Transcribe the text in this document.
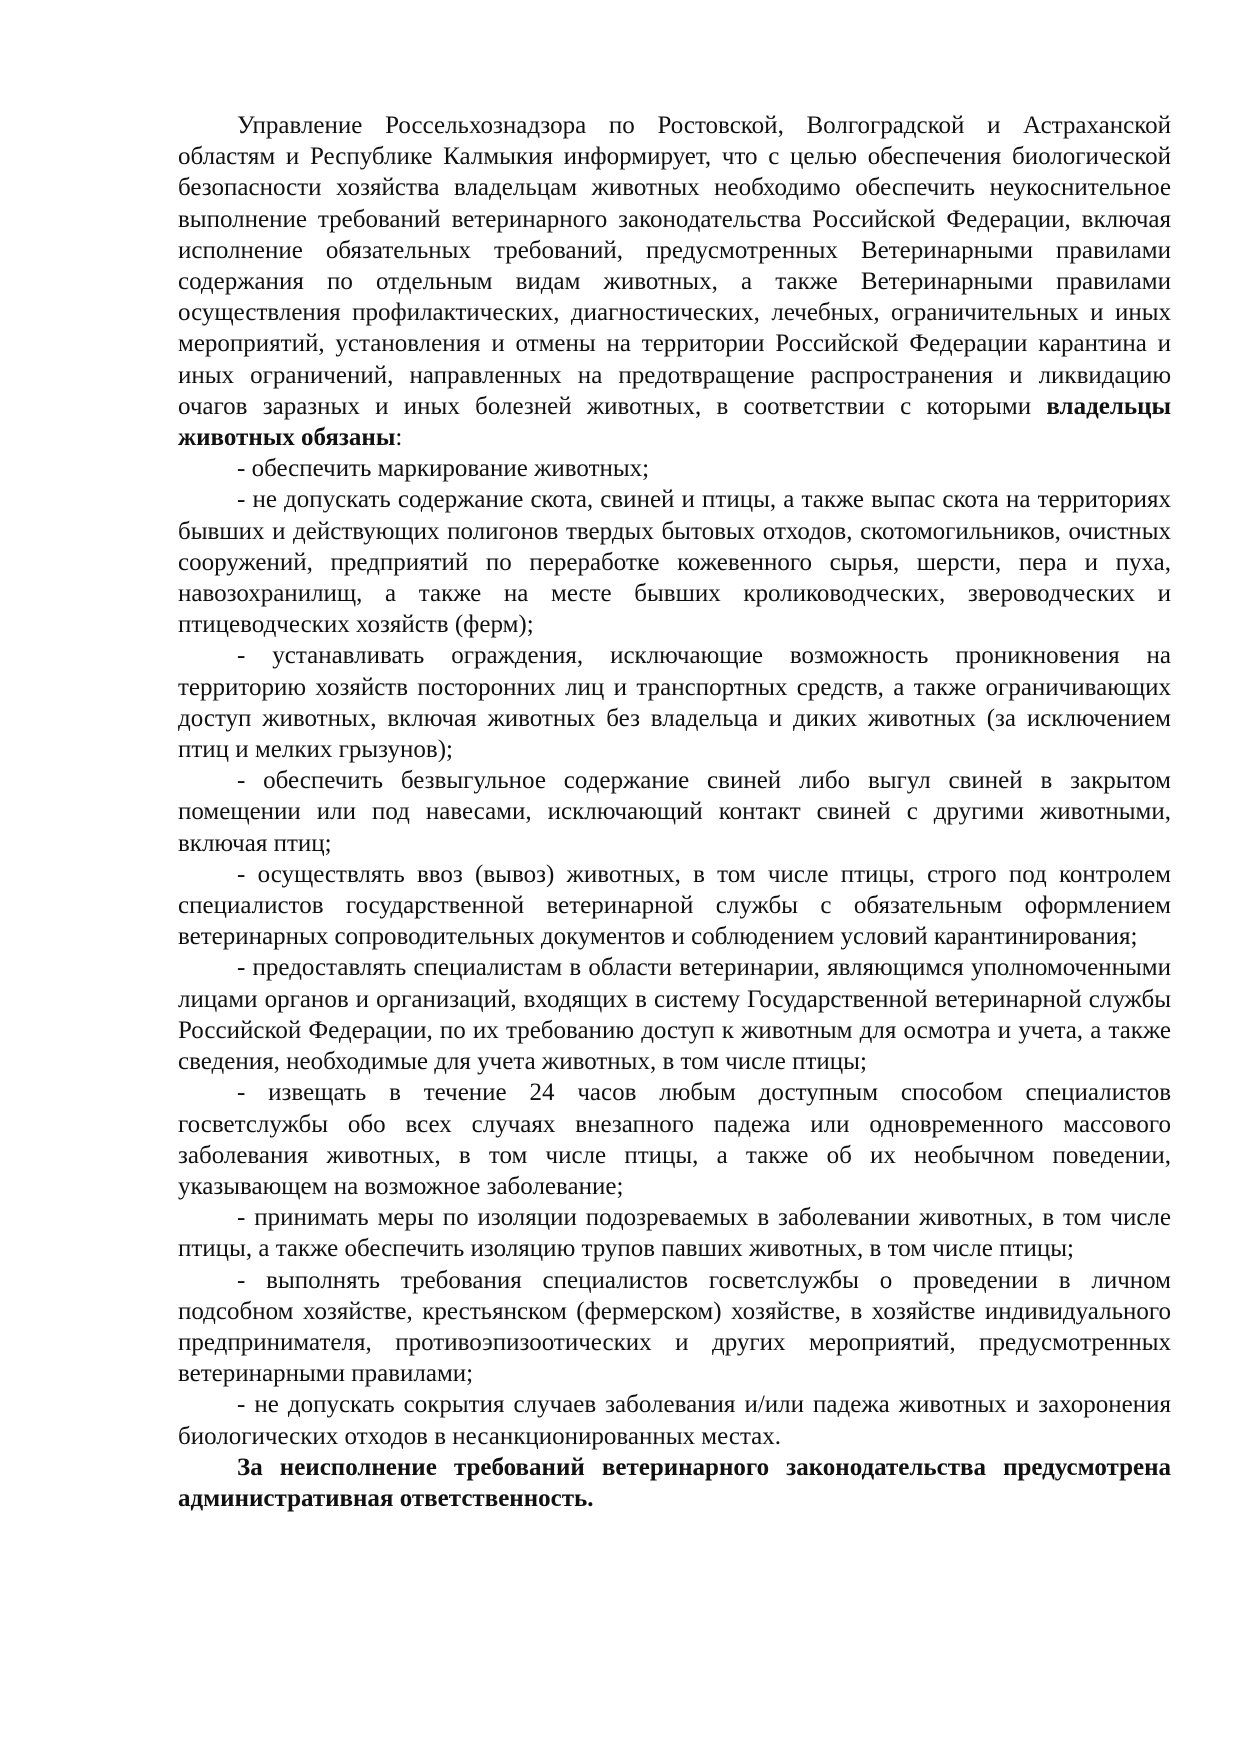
Управление Россельхознадзора по Ростовской, Волгоградской и Астраханской областям и Республике Калмыкия информирует, что с целью обеспечения биологической безопасности хозяйства владельцам животных необходимо обеспечить неукоснительное выполнение требований ветеринарного законодательства Российской Федерации, включая исполнение обязательных требований, предусмотренных Ветеринарными правилами содержания по отдельным видам животных, а также Ветеринарными правилами осуществления профилактических, диагностических, лечебных, ограничительных и иных мероприятий, установления и отмены на территории Российской Федерации карантина и иных ограничений, направленных на предотвращение распространения и ликвидацию очагов заразных и иных болезней животных, в соответствии с которыми владельцы животных обязаны:

- обеспечить маркирование животных;

- не допускать содержание скота, свиней и птицы, а также выпас скота на территориях бывших и действующих полигонов твердых бытовых отходов, скотомогильников, очистных сооружений, предприятий по переработке кожевенного сырья, шерсти, пера и пуха, навозохранилищ, а также на месте бывших кролиководческих, звероводческих и птицеводческих хозяйств (ферм);

- устанавливать ограждения, исключающие возможность проникновения на территорию хозяйств посторонних лиц и транспортных средств, а также ограничивающих доступ животных, включая животных без владельца и диких животных (за исключением птиц и мелких грызунов);

- обеспечить безвыгульное содержание свиней либо выгул свиней в закрытом помещении или под навесами, исключающий контакт свиней с другими животными, включая птиц;

- осуществлять ввоз (вывоз) животных, в том числе птицы, строго под контролем специалистов государственной ветеринарной службы с обязательным оформлением ветеринарных сопроводительных документов и соблюдением условий карантинирования;

- предоставлять специалистам в области ветеринарии, являющимся уполномоченными лицами органов и организаций, входящих в систему Государственной ветеринарной службы Российской Федерации, по их требованию доступ к животным для осмотра и учета, а также сведения, необходимые для учета животных, в том числе птицы;

- извещать в течение 24 часов любым доступным способом специалистов госветслужбы обо всех случаях внезапного падежа или одновременного массового заболевания животных, в том числе птицы, а также об их необычном поведении, указывающем на возможное заболевание;

- принимать меры по изоляции подозреваемых в заболевании животных, в том числе птицы, а также обеспечить изоляцию трупов павших животных, в том числе птицы;

- выполнять требования специалистов госветслужбы о проведении в личном подсобном хозяйстве, крестьянском (фермерском) хозяйстве, в хозяйстве индивидуального предпринимателя, противоэпизоотических и других мероприятий, предусмотренных ветеринарными правилами;

- не допускать сокрытия случаев заболевания и/или падежа животных и захоронения биологических отходов в несанкционированных местах.

За неисполнение требований ветеринарного законодательства предусмотрена административная ответственность.
